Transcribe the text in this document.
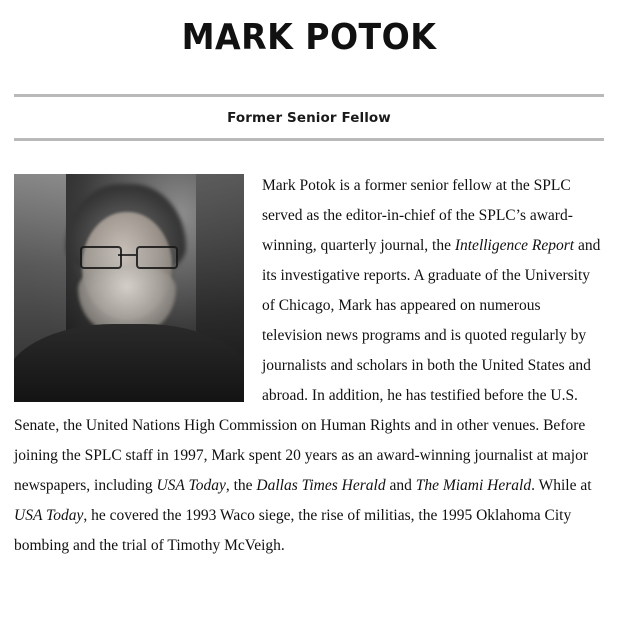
MARK POTOK
Former Senior Fellow

Mark Potok is a former senior fellow at the SPLC served as the editor-in-chief of the SPLC’s award-winning, quarterly journal, the Intelligence Report and its investigative reports. A graduate of the University of Chicago, Mark has appeared on numerous television news programs and is quoted regularly by journalists and scholars in both the United States and abroad. In addition, he has testified before the U.S. Senate, the United Nations High Commission on Human Rights and in other venues. Before joining the SPLC staff in 1997, Mark spent 20 years as an award-winning journalist at major newspapers, including USA Today, the Dallas Times Herald and The Miami Herald. While at USA Today, he covered the 1993 Waco siege, the rise of militias, the 1995 Oklahoma City bombing and the trial of Timothy McVeigh.
